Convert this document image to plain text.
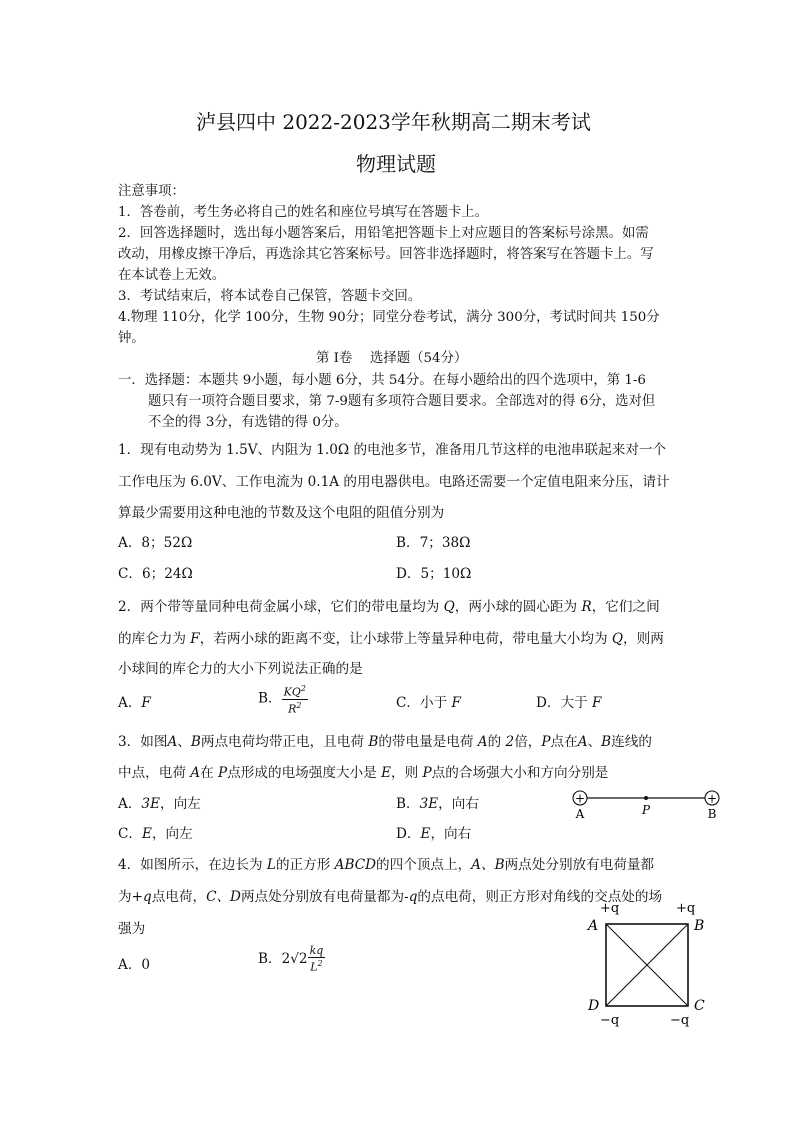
泸县四中 2022-2023学年秋期高二期末考试
物理试题
注意事项：
1．答卷前，考生务必将自己的姓名和座位号填写在答题卡上。
2．回答选择题时，选出每小题答案后，用铅笔把答题卡上对应题目的答案标号涂黑。如需
改动，用橡皮擦干净后，再选涂其它答案标号。回答非选择题时，将答案写在答题卡上。写
在本试卷上无效。
3．考试结束后，将本试卷自己保管，答题卡交回。
4.物理 110分，化学 100分，生物 90分；同堂分卷考试，满分 300分，考试时间共 150分
钟。
第 I卷　 选择题（54分）
一．选择题：本题共 9小题，每小题 6分，共 54分。在每小题给出的四个选项中，第 1-6
题只有一项符合题目要求，第 7-9题有多项符合题目要求。全部选对的得 6分，选对但
不全的得 3分，有选错的得 0分。
1．现有电动势为 1.5V、内阻为 1.0Ω 的电池多节，准备用几节这样的电池串联起来对一个
工作电压为 6.0V、工作电流为 0.1A 的用电器供电。电路还需要一个定值电阻来分压，请计
算最少需要用这种电池的节数及这个电阻的阻值分别为
A．8；52Ω	B．7；38Ω
C．6；24Ω	D．5；10Ω
2．两个带等量同种电荷金属小球，它们的带电量均为 Q，两小球的圆心距为 R，它们之间
的库仑力为 F，若两小球的距离不变，让小球带上等量异种电荷，带电量大小均为 Q，则两
小球间的库仑力的大小下列说法正确的是
A．F	B． $\frac{KQ^2}{R^2}$	C．小于 F	D．大于 F
3．如图A、B两点电荷均带正电，且电荷 B的带电量是电荷 A的 2倍，P点在A、B连线的
中点，电荷 A在 P点形成的电场强度大小是 E，则 P点的合场强大小和方向分别是
A．3E，向左	B．3E，向右
C．E，向左	D．E，向右
+	+
A	P	B
4．如图所示，在边长为 L的正方形 ABCD的四个顶点上，A、B两点处分别放有电荷量都
为+q点电荷，C、D两点处分别放有电荷量都为-q的点电荷，则正方形对角线的交点处的场
强为
A．0	B．$2√2 \frac{kq}{L^2}$
+q	+q
A	B
D	C
−q	−q
